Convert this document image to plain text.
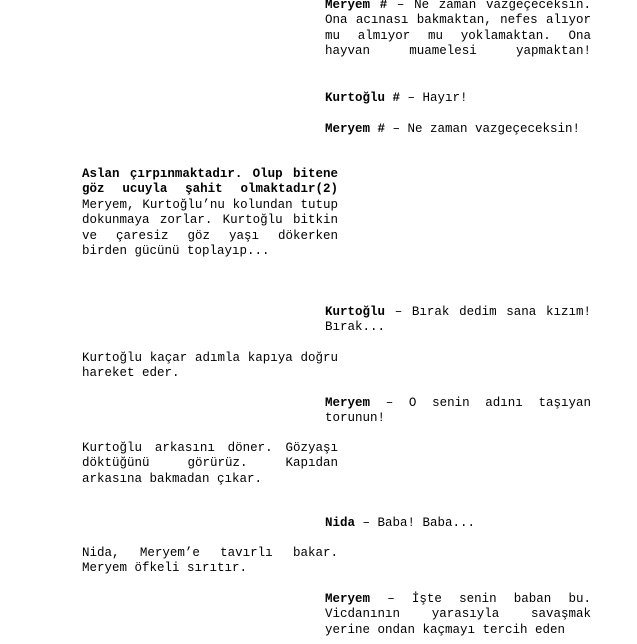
Meryem # – Ne zaman vazgeçeceksin. Ona acınası bakmaktan, nefes alıyor mu almıyor mu yoklamaktan. Ona hayvan muamelesi yapmaktan!

Kurtoğlu # – Hayır!

Meryem # – Ne zaman vazgeçeceksin!

Aslan çırpınmaktadır. Olup bitene göz ucuyla şahit olmaktadır(2) Meryem, Kurtoğlu’nu kolundan tutup dokunmaya zorlar. Kurtoğlu bitkin ve çaresiz göz yaşı dökerken birden gücünü toplayıp...

Kurtoğlu – Bırak dedim sana kızım! Bırak...

Kurtoğlu kaçar adımla kapıya doğru hareket eder.

Meryem – O senin adını taşıyan torunun!

Kurtoğlu arkasını döner. Gözyaşı döktüğünü görürüz. Kapıdan arkasına bakmadan çıkar.

Nida – Baba! Baba...

Nida, Meryem’e tavırlı bakar. Meryem öfkeli sırıtır.

Meryem – İşte senin baban bu. Vicdanının yarasıyla savaşmak yerine ondan kaçmayı tercih eden
